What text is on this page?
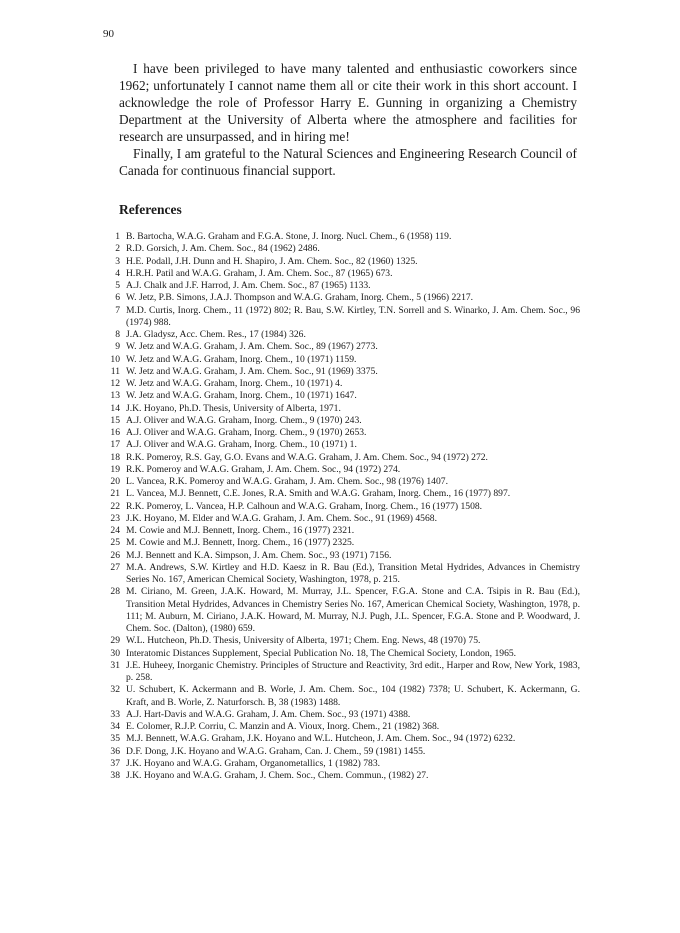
90

I have been privileged to have many talented and enthusiastic coworkers since 1962; unfortunately I cannot name them all or cite their work in this short account. I acknowledge the role of Professor Harry E. Gunning in organizing a Chemistry Department at the University of Alberta where the atmosphere and facilities for research are unsurpassed, and in hiring me!

Finally, I am grateful to the Natural Sciences and Engineering Research Council of Canada for continuous financial support.

References
1 B. Bartocha, W.A.G. Graham and F.G.A. Stone, J. Inorg. Nucl. Chem., 6 (1958) 119.
2 R.D. Gorsich, J. Am. Chem. Soc., 84 (1962) 2486.
3 H.E. Podall, J.H. Dunn and H. Shapiro, J. Am. Chem. Soc., 82 (1960) 1325.
4 H.R.H. Patil and W.A.G. Graham, J. Am. Chem. Soc., 87 (1965) 673.
5 A.J. Chalk and J.F. Harrod, J. Am. Chem. Soc., 87 (1965) 1133.
6 W. Jetz, P.B. Simons, J.A.J. Thompson and W.A.G. Graham, Inorg. Chem., 5 (1966) 2217.
7 M.D. Curtis, Inorg. Chem., 11 (1972) 802; R. Bau, S.W. Kirtley, T.N. Sorrell and S. Winarko, J. Am. Chem. Soc., 96 (1974) 988.
8 J.A. Gladysz, Acc. Chem. Res., 17 (1984) 326.
9 W. Jetz and W.A.G. Graham, J. Am. Chem. Soc., 89 (1967) 2773.
10 W. Jetz and W.A.G. Graham, Inorg. Chem., 10 (1971) 1159.
11 W. Jetz and W.A.G. Graham, J. Am. Chem. Soc., 91 (1969) 3375.
12 W. Jetz and W.A.G. Graham, Inorg. Chem., 10 (1971) 4.
13 W. Jetz and W.A.G. Graham, Inorg. Chem., 10 (1971) 1647.
14 J.K. Hoyano, Ph.D. Thesis, University of Alberta, 1971.
15 A.J. Oliver and W.A.G. Graham, Inorg. Chem., 9 (1970) 243.
16 A.J. Oliver and W.A.G. Graham, Inorg. Chem., 9 (1970) 2653.
17 A.J. Oliver and W.A.G. Graham, Inorg. Chem., 10 (1971) 1.
18 R.K. Pomeroy, R.S. Gay, G.O. Evans and W.A.G. Graham, J. Am. Chem. Soc., 94 (1972) 272.
19 R.K. Pomeroy and W.A.G. Graham, J. Am. Chem. Soc., 94 (1972) 274.
20 L. Vancea, R.K. Pomeroy and W.A.G. Graham, J. Am. Chem. Soc., 98 (1976) 1407.
21 L. Vancea, M.J. Bennett, C.E. Jones, R.A. Smith and W.A.G. Graham, Inorg. Chem., 16 (1977) 897.
22 R.K. Pomeroy, L. Vancea, H.P. Calhoun and W.A.G. Graham, Inorg. Chem., 16 (1977) 1508.
23 J.K. Hoyano, M. Elder and W.A.G. Graham, J. Am. Chem. Soc., 91 (1969) 4568.
24 M. Cowie and M.J. Bennett, Inorg. Chem., 16 (1977) 2321.
25 M. Cowie and M.J. Bennett, Inorg. Chem., 16 (1977) 2325.
26 M.J. Bennett and K.A. Simpson, J. Am. Chem. Soc., 93 (1971) 7156.
27 M.A. Andrews, S.W. Kirtley and H.D. Kaesz in R. Bau (Ed.), Transition Metal Hydrides, Advances in Chemistry Series No. 167, American Chemical Society, Washington, 1978, p. 215.
28 M. Ciriano, M. Green, J.A.K. Howard, M. Murray, J.L. Spencer, F.G.A. Stone and C.A. Tsipis in R. Bau (Ed.), Transition Metal Hydrides, Advances in Chemistry Series No. 167, American Chemical Society, Washington, 1978, p. 111; M. Auburn, M. Ciriano, J.A.K. Howard, M. Murray, N.J. Pugh, J.L. Spencer, F.G.A. Stone and P. Woodward, J. Chem. Soc. (Dalton), (1980) 659.
29 W.L. Hutcheon, Ph.D. Thesis, University of Alberta, 1971; Chem. Eng. News, 48 (1970) 75.
30 Interatomic Distances Supplement, Special Publication No. 18, The Chemical Society, London, 1965.
31 J.E. Huheey, Inorganic Chemistry. Principles of Structure and Reactivity, 3rd edit., Harper and Row, New York, 1983, p. 258.
32 U. Schubert, K. Ackermann and B. Worle, J. Am. Chem. Soc., 104 (1982) 7378; U. Schubert, K. Ackermann, G. Kraft, and B. Worle, Z. Naturforsch. B, 38 (1983) 1488.
33 A.J. Hart-Davis and W.A.G. Graham, J. Am. Chem. Soc., 93 (1971) 4388.
34 E. Colomer, R.J.P. Corriu, C. Manzin and A. Vioux, Inorg. Chem., 21 (1982) 368.
35 M.J. Bennett, W.A.G. Graham, J.K. Hoyano and W.L. Hutcheon, J. Am. Chem. Soc., 94 (1972) 6232.
36 D.F. Dong, J.K. Hoyano and W.A.G. Graham, Can. J. Chem., 59 (1981) 1455.
37 J.K. Hoyano and W.A.G. Graham, Organometallics, 1 (1982) 783.
38 J.K. Hoyano and W.A.G. Graham, J. Chem. Soc., Chem. Commun., (1982) 27.
